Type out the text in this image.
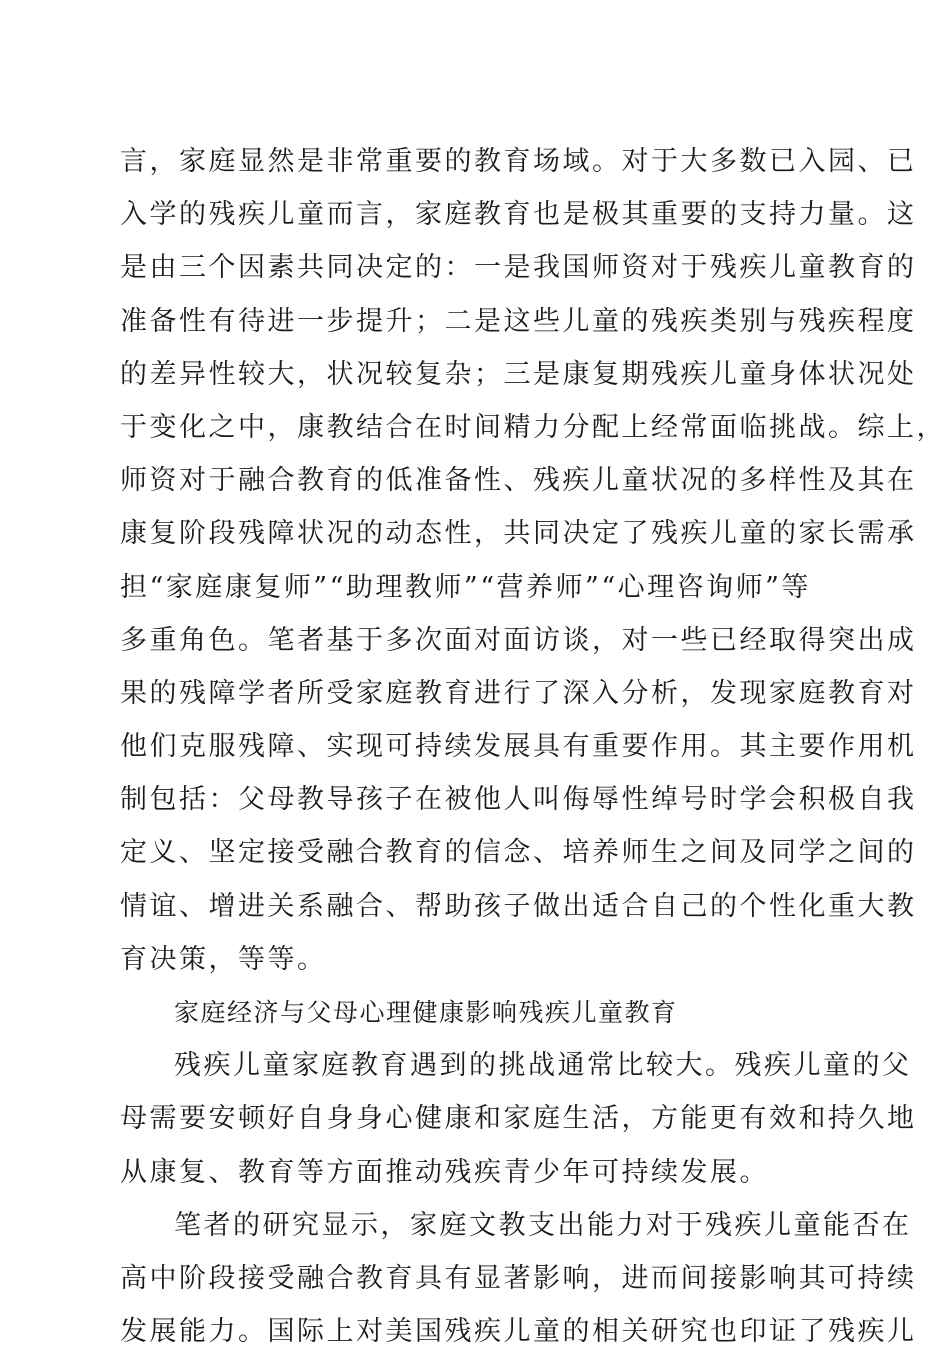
言，家庭显然是非常重要的教育场域。对于大多数已入园、已
入学的残疾儿童而言，家庭教育也是极其重要的支持力量。这
是由三个因素共同决定的：一是我国师资对于残疾儿童教育的
准备性有待进一步提升；二是这些儿童的残疾类别与残疾程度
的差异性较大，状况较复杂；三是康复期残疾儿童身体状况处
于变化之中，康教结合在时间精力分配上经常面临挑战。综上，
师资对于融合教育的低准备性、残疾儿童状况的多样性及其在
康复阶段残障状况的动态性，共同决定了残疾儿童的家长需承
担“家庭康复师”“助理教师”“营养师”“心理咨询师”等
多重角色。笔者基于多次面对面访谈，对一些已经取得突出成
果的残障学者所受家庭教育进行了深入分析，发现家庭教育对
他们克服残障、实现可持续发展具有重要作用。其主要作用机
制包括：父母教导孩子在被他人叫侮辱性绰号时学会积极自我
定义、坚定接受融合教育的信念、培养师生之间及同学之间的
情谊、增进关系融合、帮助孩子做出适合自己的个性化重大教
育决策，等等。
家庭经济与父母心理健康影响残疾儿童教育
残疾儿童家庭教育遇到的挑战通常比较大。残疾儿童的父
母需要安顿好自身身心健康和家庭生活，方能更有效和持久地
从康复、教育等方面推动残疾青少年可持续发展。
笔者的研究显示，家庭文教支出能力对于残疾儿童能否在
高中阶段接受融合教育具有显著影响，进而间接影响其可持续
发展能力。国际上对美国残疾儿童的相关研究也印证了残疾儿
